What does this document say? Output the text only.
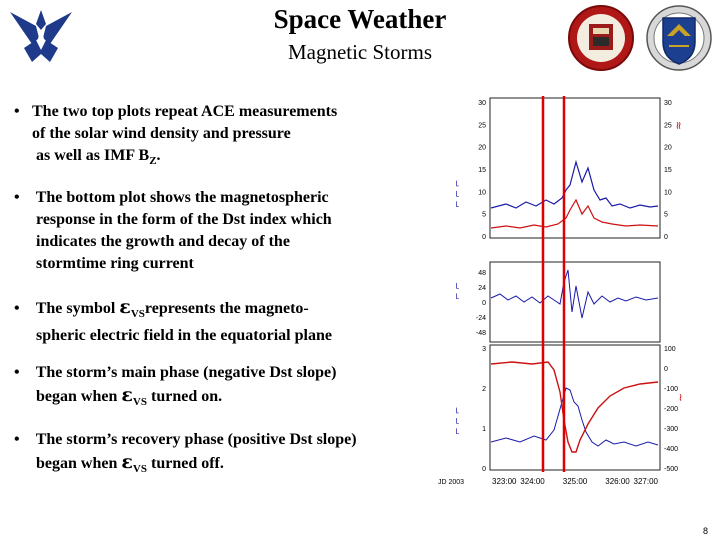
Space Weather
Magnetic Storms
• The two top plots repeat ACE measurements
of the solar wind density and pressure
as well as IMF $B_Z$.
• The bottom plot shows the magnetospheric
response in the form of the Dst index which
indicates the growth and decay of the
stormtime ring current
• The symbol $\varepsilon_{VS}represents$ the magneto-
spheric electric field in the equatorial plane
• The storm’s main phase (negative Dst slope)
began when $\varepsilon_{VS}$ turned on.
• The storm’s recovery phase (positive Dst slope)
began when $\varepsilon_{VS}$ turned off.
30
25
20
15
10
5
0
30
25
20
15
10
5
0
48
24
0
-24
-48
3
2
1
0
100
0
-100
-200
-300
-400
-500
JD 2003	323:00 324:00 325:00 326:00 327:00
≈
∼
⌐ ⌐ ⌐
⌐ ⌐
⌐ ⌐ ⌐
8
